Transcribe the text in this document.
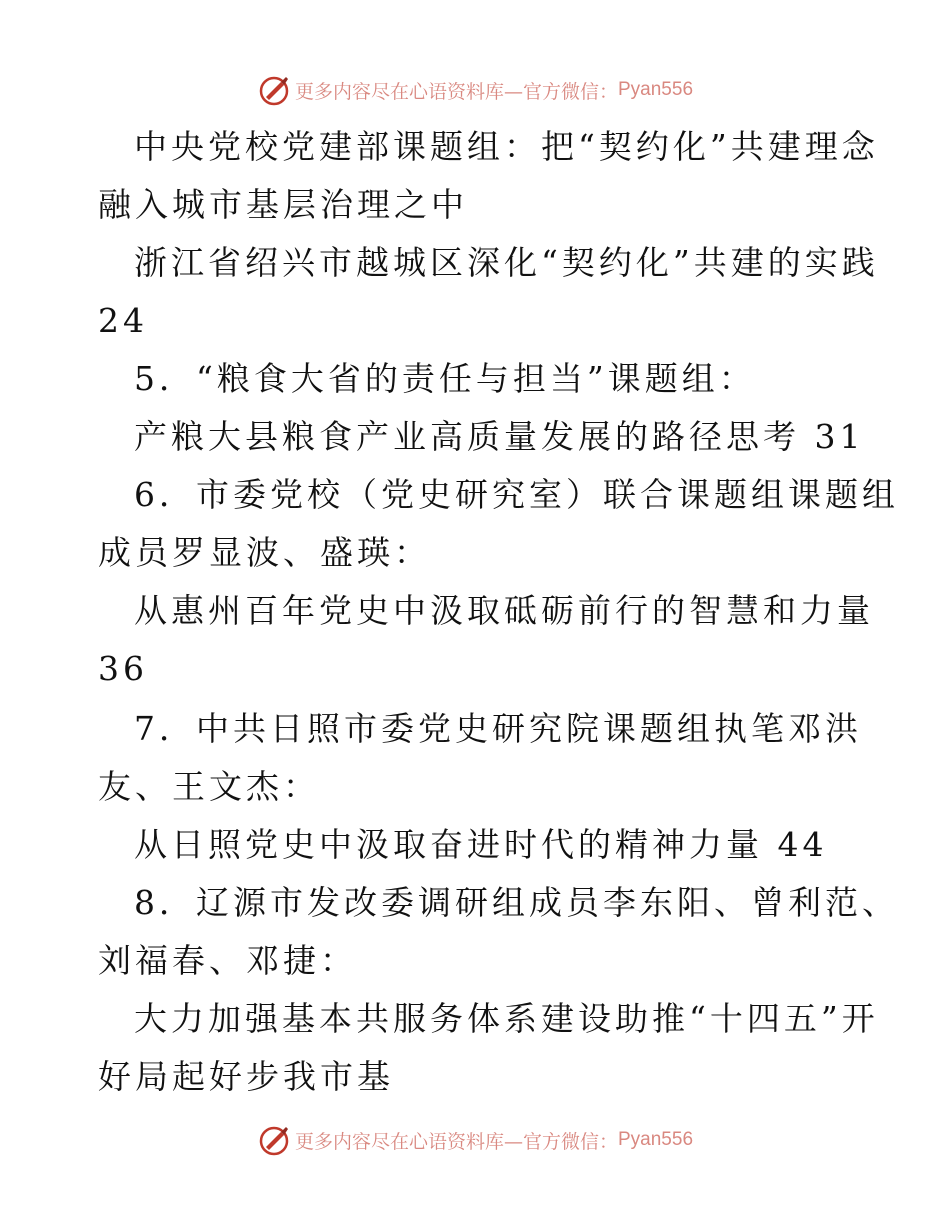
更多内容尽在心语资料库—官方微信： Pyan556
中央党校党建部课题组：把“契约化”共建理念
融入城市基层治理之中
浙江省绍兴市越城区深化“契约化”共建的实践
24
5．“粮食大省的责任与担当”课题组：
产粮大县粮食产业高质量发展的路径思考 31
6．市委党校（党史研究室）联合课题组课题组
成员罗显波、盛瑛：
从惠州百年党史中汲取砥砺前行的智慧和力量
36
7．中共日照市委党史研究院课题组执笔邓洪
友、王文杰：
从日照党史中汲取奋进时代的精神力量 44
8．辽源市发改委调研组成员李东阳、曾利范、
刘福春、邓捷：
大力加强基本共服务体系建设助推“十四五”开
好局起好步我市基
更多内容尽在心语资料库—官方微信： Pyan556
